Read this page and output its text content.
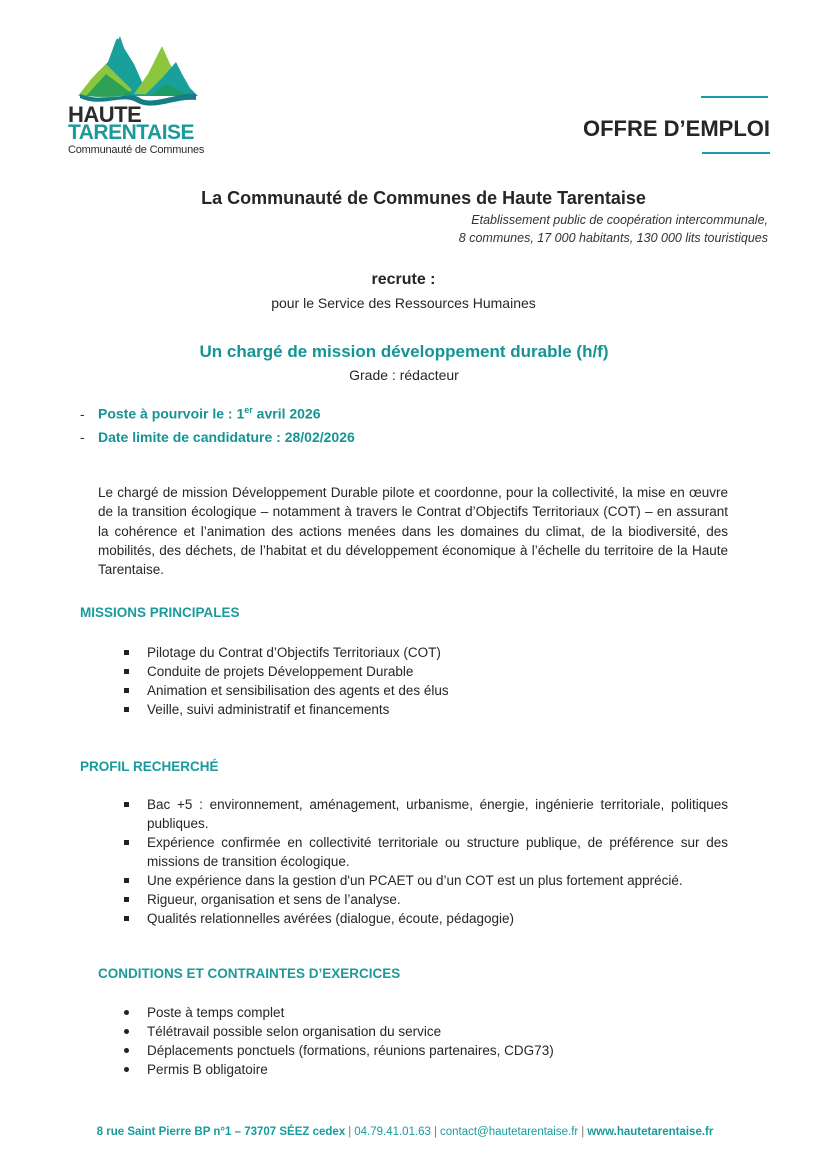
HAUTE
TARENTAISE
Communauté de Communes
OFFRE D’EMPLOI
La Communauté de Communes de Haute Tarentaise
Etablissement public de coopération intercommunale,
8 communes, 17 000 habitants, 130 000 lits touristiques
recrute :
pour le Service des Ressources Humaines
Un chargé de mission développement durable (h/f)
Grade : rédacteur
- Poste à pourvoir le : 1er avril 2026
- Date limite de candidature : 28/02/2026
Le chargé de mission Développement Durable pilote et coordonne, pour la collectivité, la mise en œuvre de la transition écologique – notamment à travers le Contrat d’Objectifs Territoriaux (COT) – en assurant la cohérence et l’animation des actions menées dans les domaines du climat, de la biodiversité, des mobilités, des déchets, de l’habitat et du développement économique à l’échelle du territoire de la Haute Tarentaise.
MISSIONS PRINCIPALES
Pilotage du Contrat d’Objectifs Territoriaux (COT)
Conduite de projets Développement Durable
Animation et sensibilisation des agents et des élus
Veille, suivi administratif et financements
PROFIL RECHERCHÉ
Bac +5 : environnement, aménagement, urbanisme, énergie, ingénierie territoriale, politiques publiques.
Expérience confirmée en collectivité territoriale ou structure publique, de préférence sur des missions de transition écologique.
Une expérience dans la gestion d'un PCAET ou d’un COT est un plus fortement apprécié.
Rigueur, organisation et sens de l’analyse.
Qualités relationnelles avérées (dialogue, écoute, pédagogie)
CONDITIONS ET CONTRAINTES D’EXERCICES
Poste à temps complet
Télétravail possible selon organisation du service
Déplacements ponctuels (formations, réunions partenaires, CDG73)
Permis B obligatoire
8 rue Saint Pierre BP n°1 – 73707 SÉEZ cedex | 04.79.41.01.63 | contact@hautetarentaise.fr | www.hautetarentaise.fr
